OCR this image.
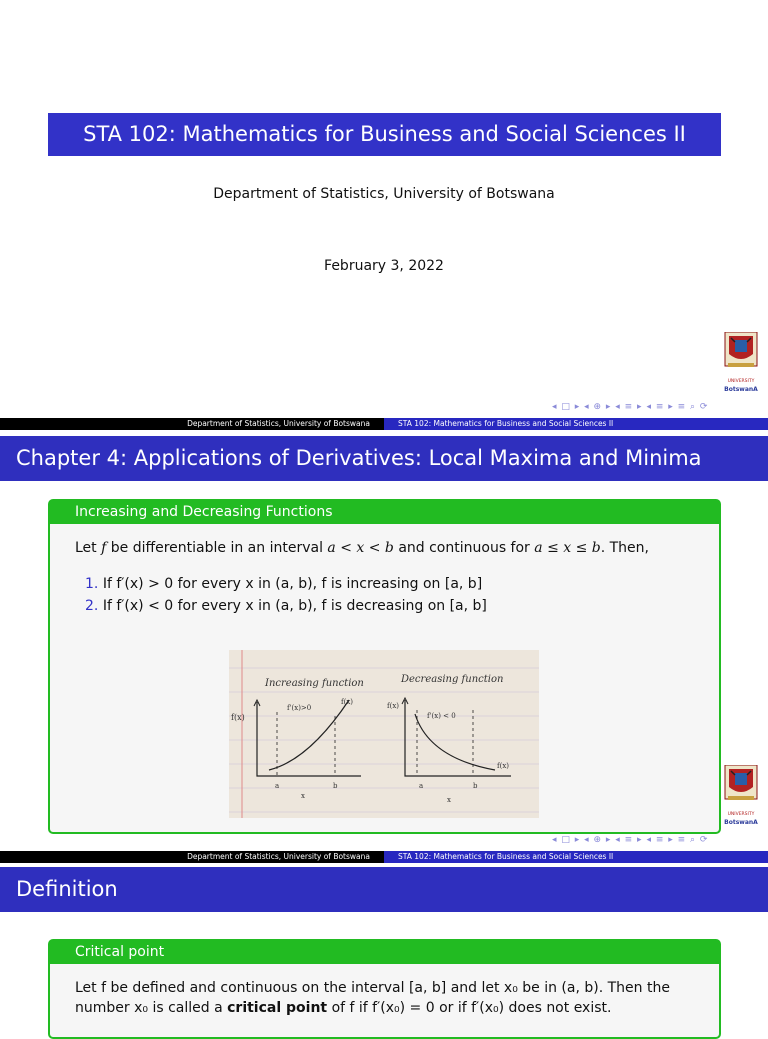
STA 102: Mathematics for Business and Social Sciences II
Department of Statistics, University of Botswana
February 3, 2022
UNIVERSITY
BotswanA
◂ □ ▸ ◂ ⊕ ▸ ◂ ≡ ▸ ◂ ≡ ▸ ≡ ⌕ ⟳
Department of Statistics, University of Botswana	STA 102: Mathematics for Business and Social Sciences II
Chapter 4: Applications of Derivatives: Local Maxima and Minima
Increasing and Decreasing Functions
Let f be differentiable in an interval a < x < b and continuous for a ≤ x ≤ b. Then,
1. If f′(x) > 0 for every x in (a, b), f is increasing on [a, b]
2. If f′(x) < 0 for every x in (a, b), f is decreasing on [a, b]
Increasing function	Decreasing function
f(x)
f'(x)>0
f(x)
a	b
x
f(x)
f'(x) < 0
f(x)
a	b
x
UNIVERSITY
BotswanA
◂ □ ▸ ◂ ⊕ ▸ ◂ ≡ ▸ ◂ ≡ ▸ ≡ ⌕ ⟳
Department of Statistics, University of Botswana	STA 102: Mathematics for Business and Social Sciences II
Definition
Critical point
Let f be defined and continuous on the interval [a, b] and let x₀ be in (a, b). Then the
number x₀ is called a critical point of f if f′(x₀) = 0 or if f′(x₀) does not exist.
